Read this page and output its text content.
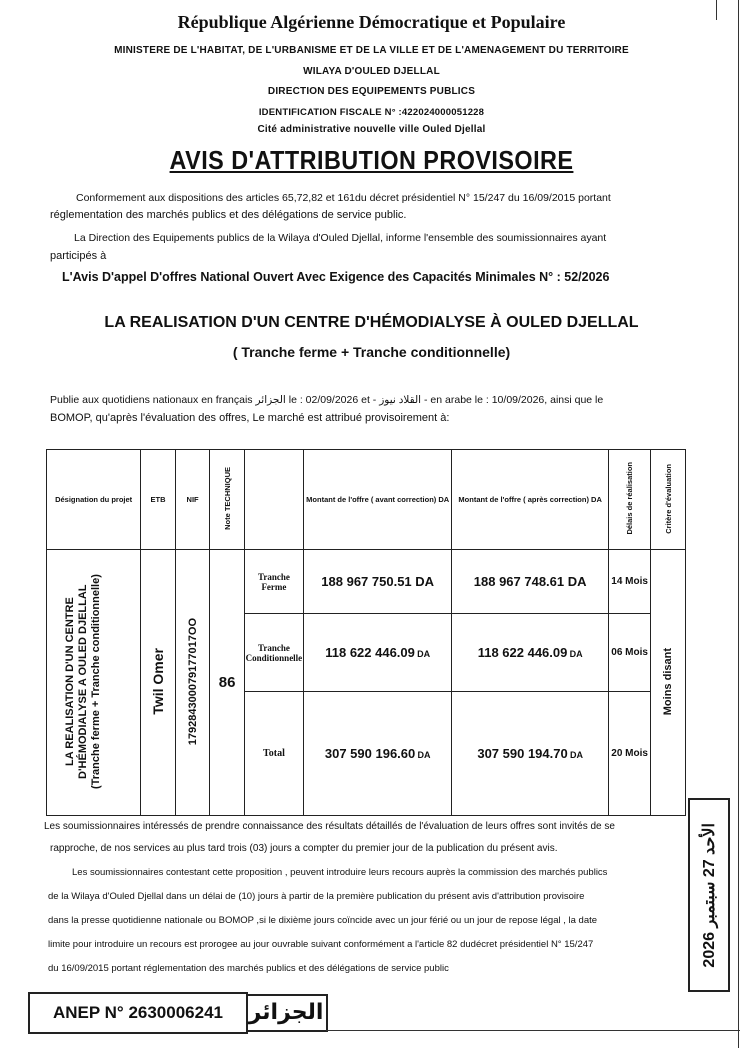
République Algérienne Démocratique et Populaire
MINISTERE DE L'HABITAT, DE L'URBANISME ET DE LA VILLE ET DE L'AMENAGEMENT DU TERRITOIRE
WILAYA D'OULED DJELLAL
DIRECTION DES EQUIPEMENTS PUBLICS
IDENTIFICATION FISCALE N° :422024000051228
Cité administrative nouvelle ville Ouled Djellal
AVIS D'ATTRIBUTION PROVISOIRE
Conformement aux dispositions des articles 65,72,82 et 161du décret présidentiel N° 15/247 du 16/09/2015 portant
réglementation des marchés publics et des délégations de service public.
La Direction des Equipements publics de la Wilaya d'Ouled Djellal, informe l'ensemble des soumissionnaires ayant
participés à
L'Avis D'appel D'offres National Ouvert Avec Exigence des Capacités Minimales N° : 52/2026
LA REALISATION D'UN CENTRE D'HÉMODIALYSE À OULED DJELLAL
( Tranche ferme + Tranche conditionnelle)
Publie aux quotidiens nationaux en français الجزائر le : 02/09/2026 et - القلاد نيوز - en arabe le : 10/09/2026, ainsi que le
BOMOP, qu'après l'évaluation des offres, Le marché est attribué provisoirement à:
Désignation du projet	ETB	NIF	Note TECHNIQUE		Montant de l'offre ( avant correction) DA	Montant de l'offre ( après correction) DA	Délais de réalisation	Critère d'évaluation
LA REALISATION D'UN CENTRE D'HÉMODIALYSE A OULED DJELLAL (Tranche ferme + Tranche conditionnelle)	Twil Omer	179284300079177017OO	86	Tranche Ferme	188 967 750.51 DA	188 967 748.61 DA	14 Mois	Moins disant
				Tranche Conditionnelle	118 622 446.09 DA	118 622 446.09 DA	06 Mois	
				Total	307 590 196.60 DA	307 590 194.70 DA	20 Mois	
Les soumissionnaires intéressés de prendre connaissance des résultats détaillés de l'évaluation de leurs offres sont invités de se
rapproche, de nos services au plus tard trois (03) jours a compter du premier jour de la publication du présent avis.
Les soumissionnaires contestant cette proposition , peuvent introduire leurs recours auprès la commission des marchés publics
de la Wilaya d'Ouled Djellal dans un délai de (10) jours à partir de la première publication du présent avis d'attribution provisoire
dans la presse quotidienne nationale ou BOMOP ,si le dixième jours coïncide avec un jour férié ou un jour de repose légal , la date
limite pour introduire un recours est prorogee au jour ouvrable suivant conformément a l'article 82 dudécret présidentiel N° 15/247
du 16/09/2015 portant réglementation des marchés publics et des délégations de service public
الأحد 27 سبتمبر 2026
ANEP N° 2630006241	الجزائر
